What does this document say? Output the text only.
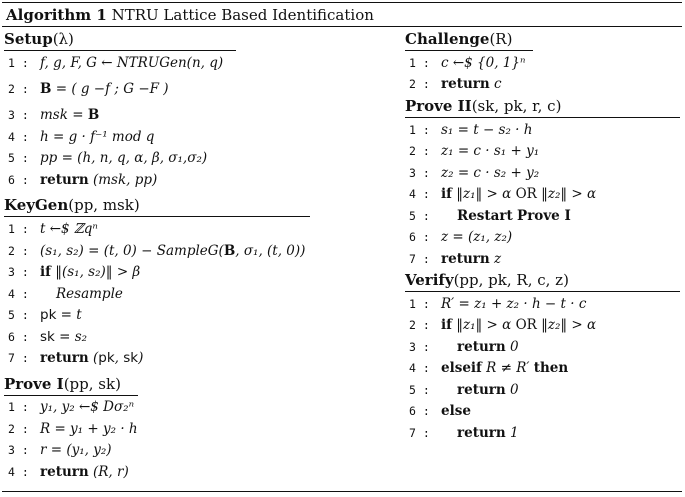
Algorithm 1 NTRU Lattice Based Identification
Setup(λ)
1 : f, g, F, G ← NTRUGen(n, q)
2 : B = ( g −f ; G −F )
3 : msk = B
4 : h = g · f⁻¹ mod q
5 : pp = (h, n, q, α, β, σ₁,σ₂)
6 : return (msk, pp)
KeyGen(pp, msk)
1 : t ←$ ℤqⁿ
2 : (s₁, s₂) = (t, 0) − SampleG(B, σ₁, (t, 0))
3 : if ‖(s₁, s₂)‖ > β
4 :	Resample
5 : pk = t
6 : sk = s₂
7 : return (pk, sk)
Prove I(pp, sk)
1 : y₁, y₂ ←$ Dσ₂ⁿ
2 : R = y₁ + y₂ · h
3 : r = (y₁, y₂)
4 : return (R, r)
Challenge(R)
1 : c ←$ {0, 1}ⁿ
2 : return c
Prove II(sk, pk, r, c)
1 : s₁ = t − s₂ · h
2 : z₁ = c · s₁ + y₁
3 : z₂ = c · s₂ + y₂
4 : if ‖z₁‖ > α OR ‖z₂‖ > α
5 :	Restart Prove I
6 : z = (z₁, z₂)
7 : return z
Verify(pp, pk, R, c, z)
1 : R′ = z₁ + z₂ · h − t · c
2 : if ‖z₁‖ > α OR ‖z₂‖ > α
3 :	return 0
4 : elseif R ≠ R′ then
5 :	return 0
6 : else
7 :	return 1
